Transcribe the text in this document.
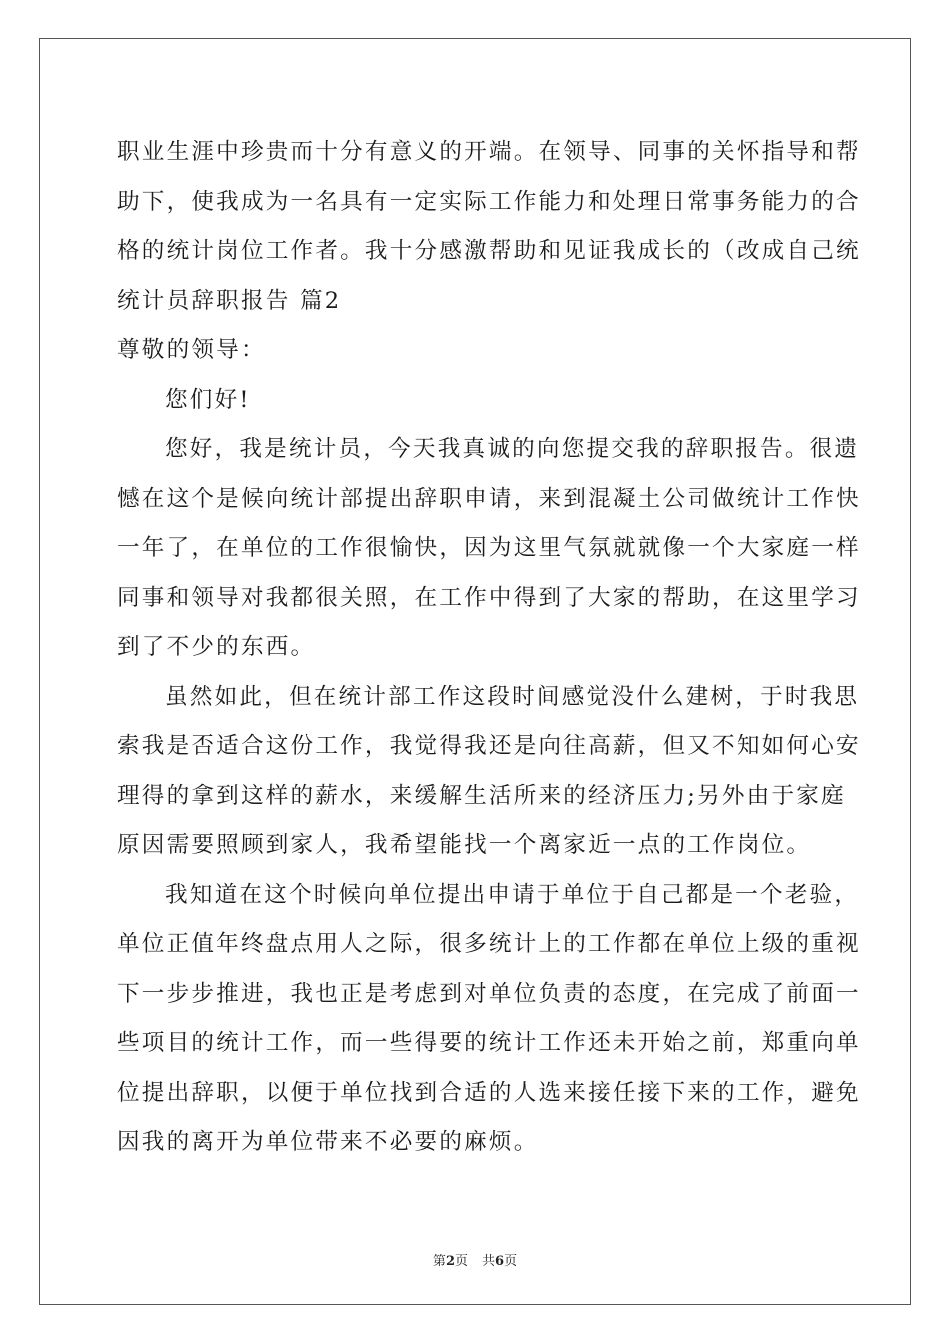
职业生涯中珍贵而十分有意义的开端。在领导、同事的关怀指导和帮
助下，使我成为一名具有一定实际工作能力和处理日常事务能力的合
格的统计岗位工作者。我十分感激帮助和见证我成长的（改成自己统
统计员辞职报告 篇2
尊敬的领导：
您们好!
您好，我是统计员，今天我真诚的向您提交我的辞职报告。很遗
憾在这个是候向统计部提出辞职申请，来到混凝土公司做统计工作快
一年了，在单位的工作很愉快，因为这里气氛就就像一个大家庭一样
同事和领导对我都很关照，在工作中得到了大家的帮助，在这里学习
到了不少的东西。
虽然如此，但在统计部工作这段时间感觉没什么建树，于时我思
索我是否适合这份工作，我觉得我还是向往高薪，但又不知如何心安
理得的拿到这样的薪水，来缓解生活所来的经济压力;另外由于家庭
原因需要照顾到家人，我希望能找一个离家近一点的工作岗位。
我知道在这个时候向单位提出申请于单位于自己都是一个老验，
单位正值年终盘点用人之际，很多统计上的工作都在单位上级的重视
下一步步推进，我也正是考虑到对单位负责的态度，在完成了前面一
些项目的统计工作，而一些得要的统计工作还未开始之前，郑重向单
位提出辞职，以便于单位找到合适的人选来接任接下来的工作，避免
因我的离开为单位带来不必要的麻烦。
第2页 共6页
